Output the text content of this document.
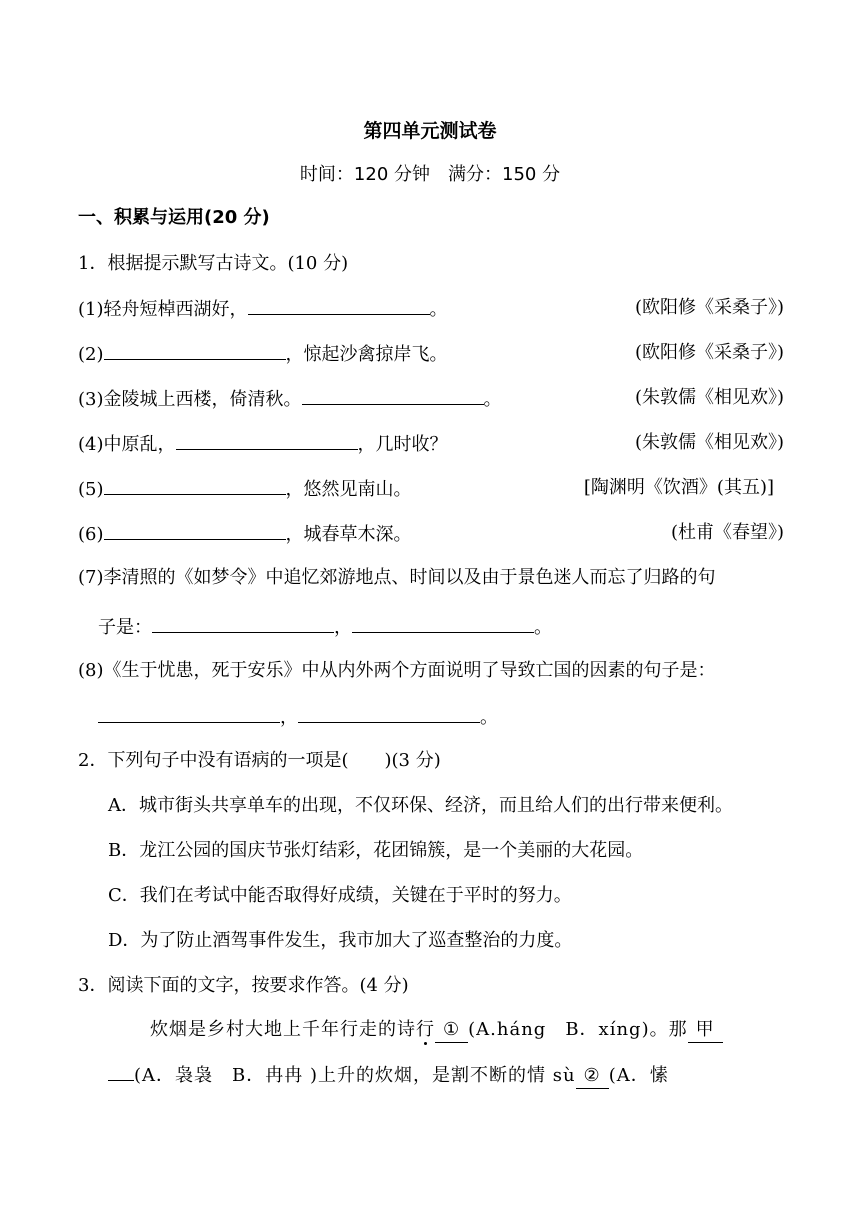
第四单元测试卷
时间：120 分钟　满分：150 分
一、积累与运用(20 分)
1．根据提示默写古诗文。(10 分)
(1)轻舟短棹西湖好，	。	(欧阳修《采桑子》)
(2)	，惊起沙禽掠岸飞。	(欧阳修《采桑子》)
(3)金陵城上西楼，倚清秋。	。	(朱敦儒《相见欢》)
(4)中原乱，	，几时收？	(朱敦儒《相见欢》)
(5)	，悠然见南山。	[陶渊明《饮酒》(其五)]
(6)	，城春草木深。	(杜甫《春望》)
(7)李清照的《如梦令》中追忆郊游地点、时间以及由于景色迷人而忘了归路的句
子是：	，	。
(8)《生于忧患，死于安乐》中从内外两个方面说明了导致亡国的因素的句子是：
，	。
2．下列句子中没有语病的一项是(　　)(3 分)
A．城市街头共享单车的出现，不仅环保、经济，而且给人们的出行带来便利。
B．龙江公园的国庆节张灯结彩，花团锦簇，是一个美丽的大花园。
C．我们在考试中能否取得好成绩，关键在于平时的努力。
D．为了防止酒驾事件发生，我市加大了巡查整治的力度。
3．阅读下面的文字，按要求作答。(4 分)
炊烟是乡村大地上千年行走的诗行 ① (A.háng　B．xíng)。那 甲
(A．袅袅　B．冉冉 )上升的炊烟，是割不断的情 sù ② (A．愫
